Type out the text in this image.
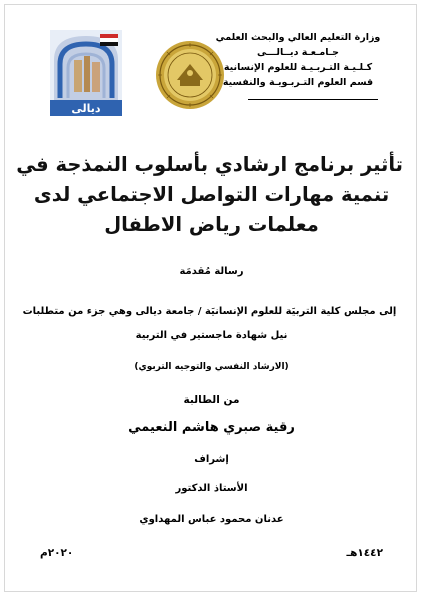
ديالى
وزارة التعليم العالي والبحث العلمي
جـامـعـة ديــالـــى
كـلـيـة التـربـيـة للعلوم الإنسانية
قسم العلوم التـربـويـة والنفسية
تأثير برنامج ارشادي بأسلوب النمذجة في
تنمية مهارات التواصل الاجتماعي لدى
معلمات رياض الاطفال
رسالة مُقدمَة
إلى مجلس كلية التربيَة للعلوم الإنسانيَة / جامعة ديالى وهي جزء من متطلبات
نيل شهادة ماجستير في التربية
(الارشاد النفسي والتوجيه التربوي)
من الطالبة
رقية صبري هاشم النعيمي
إشراف
الأستاذ الدكتور
عدنان محمود عباس المهداوي
١٤٤٢هـ
٢٠٢٠م
